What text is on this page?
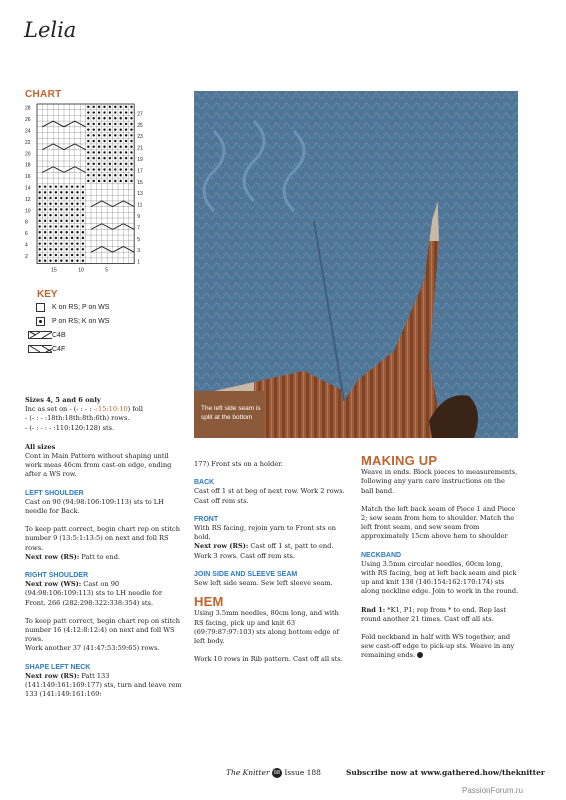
Lelia
CHART
28
26
24
22
20
18
16
14
12
10
8
6
4
2
27
25
23
21
19
17
15
13
11
9
7
5
3
1
15	10	5
KEY
K on RS; P on WS
P on RS; K on WS
C4B
C4F
The left side seam is split at the bottom

Sizes 4, 5 and 6 only
Inc as set on - (- : - : -:15:10:10) foll
- (- : - :18th:18th:8th:6th) rows.
- (- : - : - :110:120:128) sts.

All sizes
Cont in Main Pattern without shaping until work meas 46cm from cast-on edge, ending after a WS row.

LEFT SHOULDER
Cast on 90 (94:98:106:109:113) sts to LH needle for Back.

To keep patt correct, begin chart rep on stitch number 9 (13:5:1:13:5) on next and foll RS rows.
Next row (RS): Patt to end.

RIGHT SHOULDER
Next row (WS): Cast on 90 (94:98:106:109:113) sts to LH needle for Front. 266 (282:298:322:338:354) sts.

To keep patt correct, begin chart rep on stitch number 16 (4:12:8:12:4) on next and foll WS rows.
Work another 37 (41:47:53:59:65) rows.

SHAPE LEFT NECK
Next row (RS): Patt 133 (141:149:161:169:177) sts, turn and leave rem 133 (141:149:161:169:

177) Front sts on a holder.

BACK
Cast off 1 st at beg of next row. Work 2 rows. Cast off rem sts.

FRONT
With RS facing, rejoin yarn to Front sts on hold.
Next row (RS): Cast off 1 st, patt to end. Work 3 rows. Cast off rem sts.

JOIN SIDE AND SLEEVE SEAM
Sew left side seam. Sew left sleeve seam.

HEM
Using 3.5mm needles, 80cm long, and with RS facing, pick up and knit 63 (69:79:87:97:103) sts along bottom edge of left body.

Work 10 rows in Rib pattern. Cast off all sts.

MAKING UP
Weave in ends. Block pieces to measurements, following any yarn care instructions on the ball band.

Match the left back seam of Piece 1 and Piece 2; sew seam from hem to shoulder. Match the left front seam, and sew seam from approximately 15cm above hem to shoulder

NECKBAND
Using 3.5mm circular needles, 60cm long, with RS facing, beg at left back seam and pick up and knit 138 (146:154:162:170:174) sts along neckline edge. Join to work in the round.

Rnd 1: *K1, P1; rep from * to end. Rep last round another 21 times. Cast off all sts.

Fold neckband in half with WS together, and sew cast-off edge to pick-up sts. Weave in any remaining ends.

The Knitter 68 Issue 188	Subscribe now at www.gathered.how/theknitter
PassionForum.ru
